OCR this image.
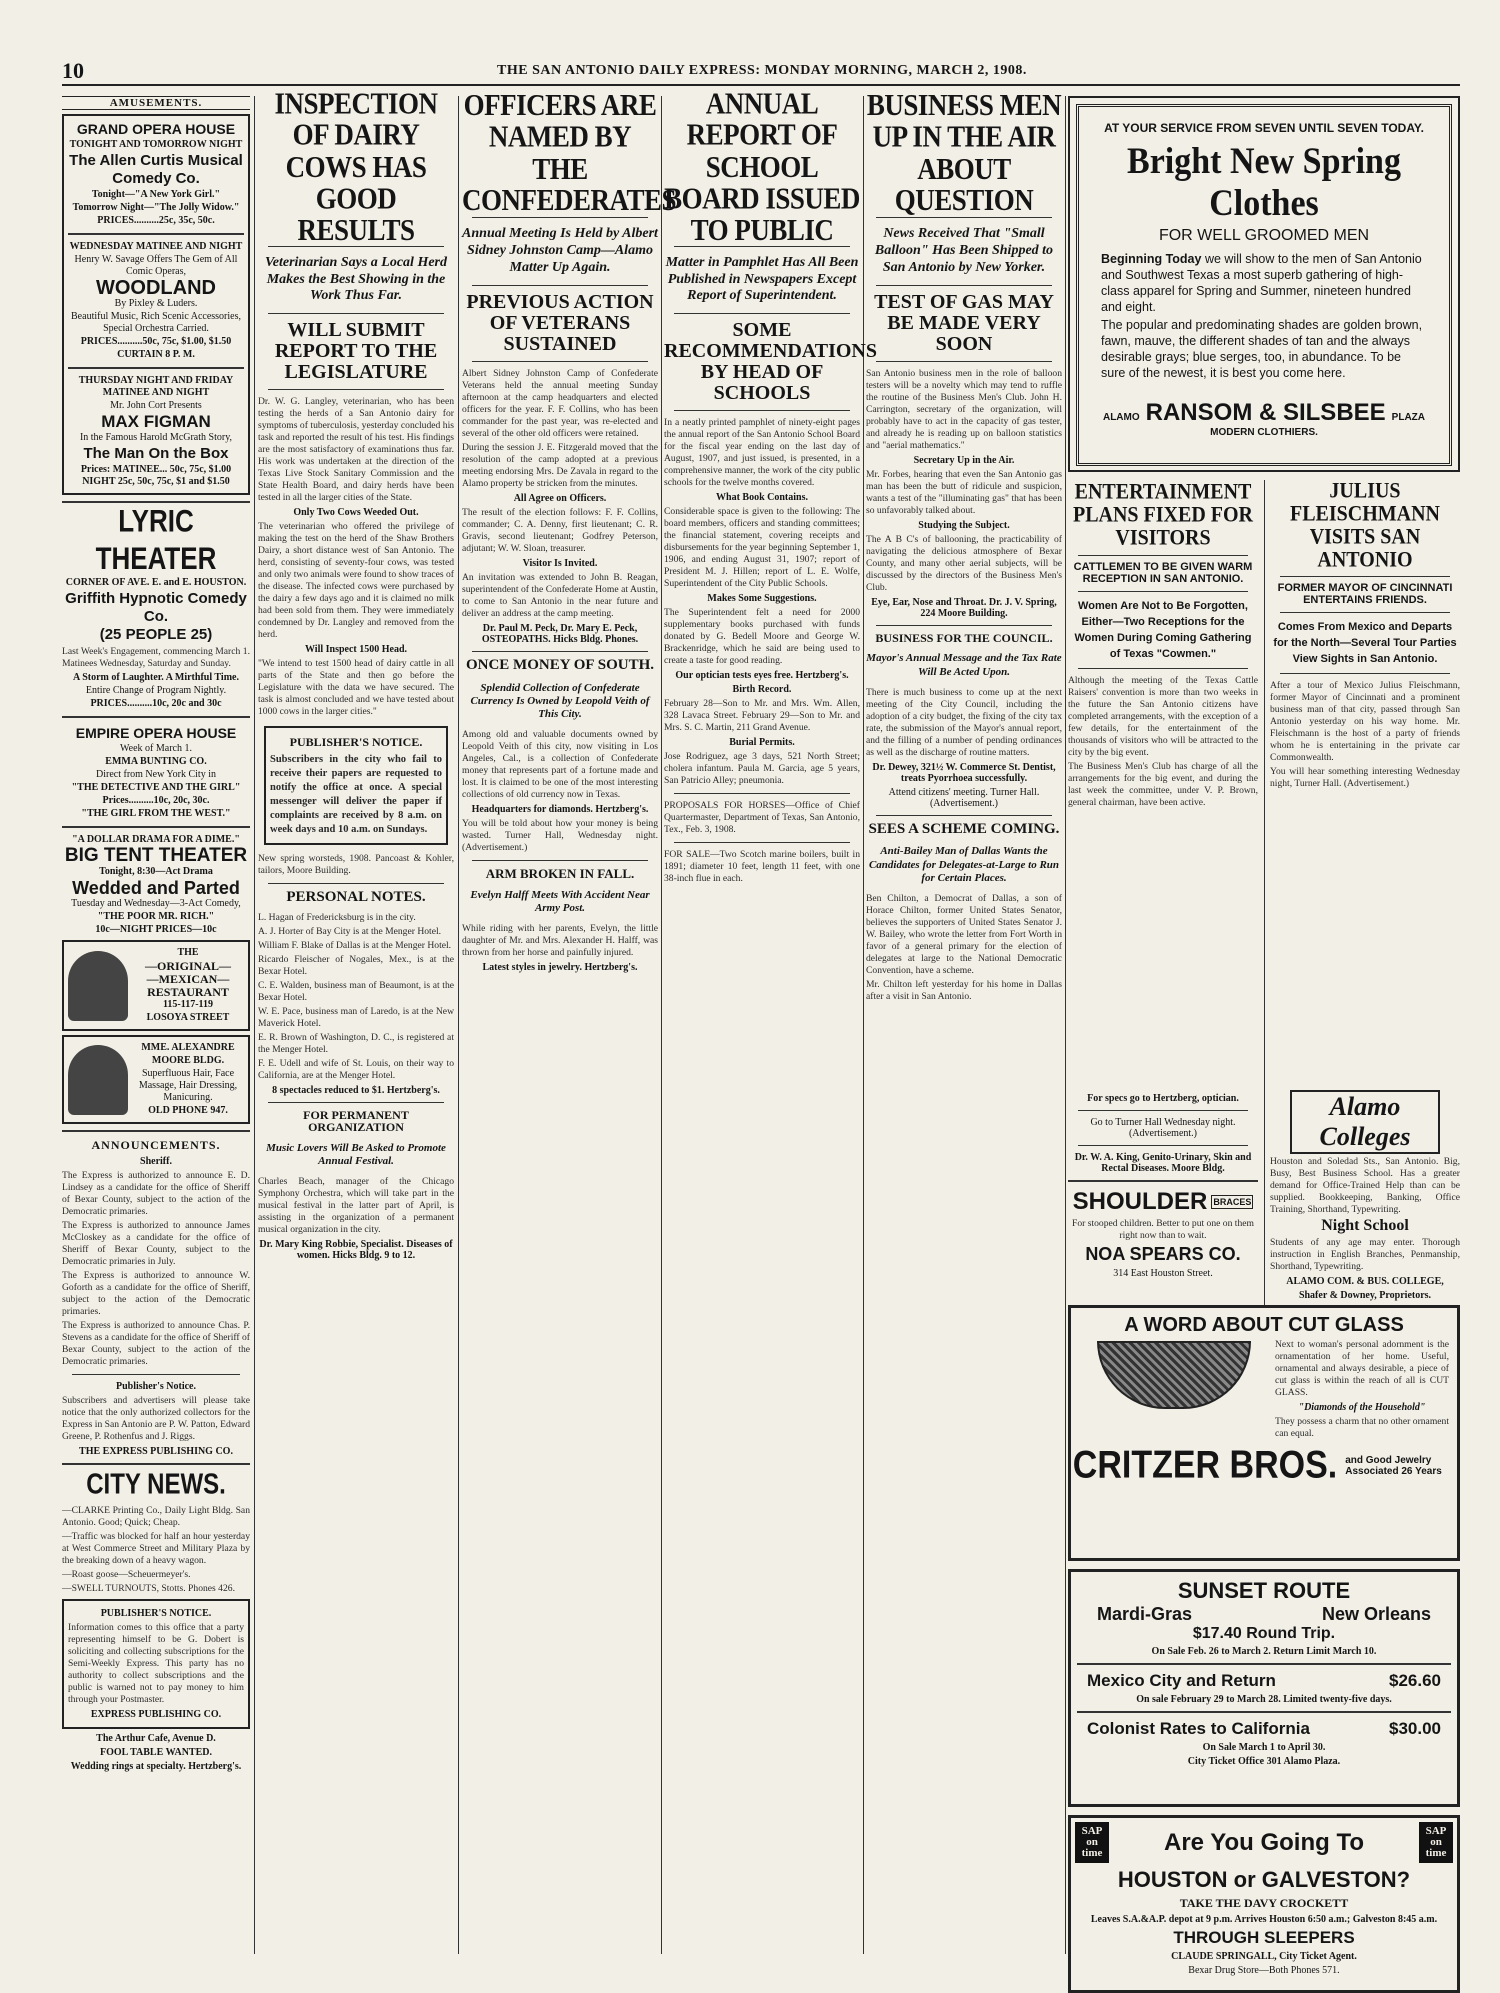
10	THE SAN ANTONIO DAILY EXPRESS: MONDAY MORNING, MARCH 2, 1908.
AMUSEMENTS.
GRAND OPERA HOUSE
TONIGHT AND TOMORROW NIGHT
The Allen Curtis Musical Comedy Co.
Tonight—"A New York Girl."
Tomorrow Night—"The Jolly Widow."
PRICES..........25c, 35c, 50c.
WEDNESDAY MATINEE AND NIGHT
Henry W. Savage Offers The Gem of All Comic Operas,
WOODLAND
By Pixley & Luders.
Beautiful Music, Rich Scenic Accessories, Special Orchestra Carried.
PRICES..........50c, 75c, $1.00, $1.50
CURTAIN 8 P. M.
THURSDAY NIGHT AND FRIDAY MATINEE AND NIGHT
Mr. John Cort Presents
MAX FIGMAN
In the Famous Harold McGrath Story,
The Man On the Box
Prices: MATINEE... 50c, 75c, $1.00 NIGHT 25c, 50c, 75c, $1 and $1.50
LYRIC THEATER
CORNER OF AVE. E. and E. HOUSTON.
Griffith Hypnotic Comedy Co.
(25 PEOPLE 25)
Last Week's Engagement, commencing March 1. Matinees Wednesday, Saturday and Sunday.
A Storm of Laughter. A Mirthful Time.
Entire Change of Program Nightly.
PRICES..........10c, 20c and 30c
EMPIRE OPERA HOUSE
Week of March 1.
EMMA BUNTING CO.
Direct from New York City in
"THE DETECTIVE AND THE GIRL"
Prices..........10c, 20c, 30c.
"THE GIRL FROM THE WEST."
"A DOLLAR DRAMA FOR A DIME."
BIG TENT THEATER
Tonight, 8:30—Act Drama
Wedded and Parted
Tuesday and Wednesday—3-Act Comedy,
"THE POOR MR. RICH."
10c—NIGHT PRICES—10c
THE
—ORIGINAL—
—MEXICAN—
RESTAURANT
115-117-119
LOSOYA STREET
MME. ALEXANDRE
MOORE BLDG.
Superfluous Hair, Face Massage, Hair Dressing, Manicuring.
OLD PHONE 947.
ANNOUNCEMENTS.
Sheriff.
The Express is authorized to announce E. D. Lindsey as a candidate for the office of Sheriff of Bexar County, subject to the action of the Democratic primaries.
The Express is authorized to announce James McCloskey as a candidate for the office of Sheriff of Bexar County, subject to the Democratic primaries in July.
The Express is authorized to announce W. Goforth as a candidate for the office of Sheriff, subject to the action of the Democratic primaries.
The Express is authorized to announce Chas. P. Stevens as a candidate for the office of Sheriff of Bexar County, subject to the action of the Democratic primaries.
Publisher's Notice.
Subscribers and advertisers will please take notice that the only authorized collectors for the Express in San Antonio are P. W. Patton, Edward Greene, P. Rothenfus and J. Riggs.
THE EXPRESS PUBLISHING CO.
CITY NEWS.
—CLARKE Printing Co., Daily Light Bldg. San Antonio. Good; Quick; Cheap.
—Traffic was blocked for half an hour yesterday at West Commerce Street and Military Plaza by the breaking down of a heavy wagon.
—Roast goose—Scheuermeyer's.
—SWELL TURNOUTS, Stotts. Phones 426.
PUBLISHER'S NOTICE.
Information comes to this office that a party representing himself to be G. Dobert is soliciting and collecting subscriptions for the Semi-Weekly Express. This party has no authority to collect subscriptions and the public is warned not to pay money to him through your Postmaster.
EXPRESS PUBLISHING CO.
The Arthur Cafe, Avenue D.
FOOL TABLE WANTED.
Wedding rings at specialty. Hertzberg's.
INSPECTION OF DAIRY COWS HAS GOOD RESULTS
Veterinarian Says a Local Herd Makes the Best Showing in the Work Thus Far.
WILL SUBMIT REPORT TO THE LEGISLATURE

Dr. W. G. Langley, veterinarian, who has been testing the herds of a San Antonio dairy for symptoms of tuberculosis, yesterday concluded his task and reported the result of his test. His findings are the most satisfactory of examinations thus far. His work was undertaken at the direction of the Texas Live Stock Sanitary Commission and the State Health Board, and dairy herds have been tested in all the larger cities of the State.

Only Two Cows Weeded Out.

The veterinarian who offered the privilege of making the test on the herd of the Shaw Brothers Dairy, a short distance west of San Antonio. The herd, consisting of seventy-four cows, was tested and only two animals were found to show traces of the disease. The infected cows were purchased by the dairy a few days ago and it is claimed no milk had been sold from them. They were immediately condemned by Dr. Langley and removed from the herd.

Will Inspect 1500 Head.

"We intend to test 1500 head of dairy cattle in all parts of the State and then go before the Legislature with the data we have secured. The task is almost concluded and we have tested about 1000 cows in the larger cities."

PUBLISHER'S NOTICE.
Subscribers in the city who fail to receive their papers are requested to notify the office at once. A special messenger will deliver the paper if complaints are received by 8 a.m. on week days and 10 a.m. on Sundays.

New spring worsteds, 1908. Pancoast & Kohler, tailors, Moore Building.

PERSONAL NOTES.

L. Hagan of Fredericksburg is in the city.

A. J. Horter of Bay City is at the Menger Hotel.

William F. Blake of Dallas is at the Menger Hotel.

Ricardo Fleischer of Nogales, Mex., is at the Bexar Hotel.

C. E. Walden, business man of Beaumont, is at the Bexar Hotel.

W. E. Pace, business man of Laredo, is at the New Maverick Hotel.

E. R. Brown of Washington, D. C., is registered at the Menger Hotel.

F. E. Udell and wife of St. Louis, on their way to California, are at the Menger Hotel.

8 spectacles reduced to $1. Hertzberg's.
FOR PERMANENT ORGANIZATION
Music Lovers Will Be Asked to Promote Annual Festival.

Charles Beach, manager of the Chicago Symphony Orchestra, which will take part in the musical festival in the latter part of April, is assisting in the organization of a permanent musical organization in the city.

Dr. Mary King Robbie, Specialist. Diseases of women. Hicks Bldg. 9 to 12.
OFFICERS ARE NAMED BY THE CONFEDERATES
Annual Meeting Is Held by Albert Sidney Johnston Camp—Alamo Matter Up Again.
PREVIOUS ACTION OF VETERANS SUSTAINED

Albert Sidney Johnston Camp of Confederate Veterans held the annual meeting Sunday afternoon at the camp headquarters and elected officers for the year. F. F. Collins, who has been commander for the past year, was re-elected and several of the other old officers were retained.

During the session J. E. Fitzgerald moved that the resolution of the camp adopted at a previous meeting endorsing Mrs. De Zavala in regard to the Alamo property be stricken from the minutes.

All Agree on Officers.

The result of the election follows: F. F. Collins, commander; C. A. Denny, first lieutenant; C. R. Gravis, second lieutenant; Godfrey Peterson, adjutant; W. W. Sloan, treasurer.

Visitor Is Invited.

An invitation was extended to John B. Reagan, superintendent of the Confederate Home at Austin, to come to San Antonio in the near future and deliver an address at the camp meeting.

Dr. Paul M. Peck, Dr. Mary E. Peck, OSTEOPATHS. Hicks Bldg. Phones.
ONCE MONEY OF SOUTH.
Splendid Collection of Confederate Currency Is Owned by Leopold Veith of This City.

Among old and valuable documents owned by Leopold Veith of this city, now visiting in Los Angeles, Cal., is a collection of Confederate money that represents part of a fortune made and lost. It is claimed to be one of the most interesting collections of old currency now in Texas.

Headquarters for diamonds. Hertzberg's.

You will be told about how your money is being wasted. Turner Hall, Wednesday night. (Advertisement.)

ARM BROKEN IN FALL.
Evelyn Halff Meets With Accident Near Army Post.

While riding with her parents, Evelyn, the little daughter of Mr. and Mrs. Alexander H. Halff, was thrown from her horse and painfully injured.

Latest styles in jewelry. Hertzberg's.
ANNUAL REPORT OF SCHOOL BOARD ISSUED TO PUBLIC
Matter in Pamphlet Has All Been Published in Newspapers Except Report of Superintendent.
SOME RECOMMENDATIONS BY HEAD OF SCHOOLS

In a neatly printed pamphlet of ninety-eight pages the annual report of the San Antonio School Board for the fiscal year ending on the last day of August, 1907, and just issued, is presented, in a comprehensive manner, the work of the city public schools for the twelve months covered.

What Book Contains.

Considerable space is given to the following: The board members, officers and standing committees; the financial statement, covering receipts and disbursements for the year beginning September 1, 1906, and ending August 31, 1907; report of President M. J. Hillen; report of L. E. Wolfe, Superintendent of the City Public Schools.

Makes Some Suggestions.

The Superintendent felt a need for 2000 supplementary books purchased with funds donated by G. Bedell Moore and George W. Brackenridge, which he said are being used to create a taste for good reading.

Our optician tests eyes free. Hertzberg's.
Birth Record.

February 28—Son to Mr. and Mrs. Wm. Allen, 328 Lavaca Street. February 29—Son to Mr. and Mrs. S. C. Martin, 211 Grand Avenue.

Burial Permits.

Jose Rodriguez, age 3 days, 521 North Street; cholera infantum. Paula M. Garcia, age 5 years, San Patricio Alley; pneumonia.

PROPOSALS FOR HORSES—Office of Chief Quartermaster, Department of Texas, San Antonio, Tex., Feb. 3, 1908.

FOR SALE—Two Scotch marine boilers, built in 1891; diameter 10 feet, length 11 feet, with one 38-inch flue in each.

BUSINESS MEN UP IN THE AIR ABOUT QUESTION
News Received That "Small Balloon" Has Been Shipped to San Antonio by New Yorker.
TEST OF GAS MAY BE MADE VERY SOON

San Antonio business men in the role of balloon testers will be a novelty which may tend to ruffle the routine of the Business Men's Club. John H. Carrington, secretary of the organization, will probably have to act in the capacity of gas tester, and already he is reading up on balloon statistics and "aerial mathematics."

Secretary Up in the Air.

Mr. Forbes, hearing that even the San Antonio gas man has been the butt of ridicule and suspicion, wants a test of the "illuminating gas" that has been so unfavorably talked about.

Studying the Subject.

The A B C's of ballooning, the practicability of navigating the delicious atmosphere of Bexar County, and many other aerial subjects, will be discussed by the directors of the Business Men's Club.

Eye, Ear, Nose and Throat. Dr. J. V. Spring, 224 Moore Building.
BUSINESS FOR THE COUNCIL.
Mayor's Annual Message and the Tax Rate Will Be Acted Upon.

There is much business to come up at the next meeting of the City Council, including the adoption of a city budget, the fixing of the city tax rate, the submission of the Mayor's annual report, and the filling of a number of pending ordinances as well as the discharge of routine matters.

Dr. Dewey, 321½ W. Commerce St. Dentist, treats Pyorrhoea successfully.
Attend citizens' meeting. Turner Hall. (Advertisement.)
SEES A SCHEME COMING.
Anti-Bailey Man of Dallas Wants the Candidates for Delegates-at-Large to Run for Certain Places.

Ben Chilton, a Democrat of Dallas, a son of Horace Chilton, former United States Senator, believes the supporters of United States Senator J. W. Bailey, who wrote the letter from Fort Worth in favor of a general primary for the election of delegates at large to the National Democratic Convention, have a scheme.

Mr. Chilton left yesterday for his home in Dallas after a visit in San Antonio.

AT YOUR SERVICE FROM SEVEN UNTIL SEVEN TODAY.
Bright New Spring Clothes
FOR WELL GROOMED MEN
Beginning Today we will show to the men of San Antonio and Southwest Texas a most superb gathering of high-class apparel for Spring and Summer, nineteen hundred and eight.
The popular and predominating shades are golden brown, fawn, mauve, the different shades of tan and the always desirable grays; blue serges, too, in abundance. To be sure of the newest, it is best you come here.
ALAMO RANSOM & SILSBEE PLAZA
MODERN CLOTHIERS.
ENTERTAINMENT PLANS FIXED FOR VISITORS
CATTLEMEN TO BE GIVEN WARM RECEPTION IN SAN ANTONIO.
Women Are Not to Be Forgotten, Either—Two Receptions for the Women During Coming Gathering of Texas "Cowmen."

Although the meeting of the Texas Cattle Raisers' convention is more than two weeks in the future the San Antonio citizens have completed arrangements, with the exception of a few details, for the entertainment of the thousands of visitors who will be attracted to the city by the big event.

The Business Men's Club has charge of all the arrangements for the big event, and during the last week the committee, under V. P. Brown, general chairman, have been active.

JULIUS FLEISCHMANN VISITS SAN ANTONIO
FORMER MAYOR OF CINCINNATI ENTERTAINS FRIENDS.
Comes From Mexico and Departs for the North—Several Tour Parties View Sights in San Antonio.

After a tour of Mexico Julius Fleischmann, former Mayor of Cincinnati and a prominent business man of that city, passed through San Antonio yesterday on his way home. Mr. Fleischmann is the host of a party of friends whom he is entertaining in the private car Commonwealth.

You will hear something interesting Wednesday night, Turner Hall. (Advertisement.)

For specs go to Hertzberg, optician.
Go to Turner Hall Wednesday night. (Advertisement.)
Dr. W. A. King, Genito-Urinary, Skin and Rectal Diseases. Moore Bldg.
SHOULDER BRACES

For stooped children. Better to put one on them right now than to wait.

NOA SPEARS CO.
314 East Houston Street.
Alamo Colleges

Houston and Soledad Sts., San Antonio. Big, Busy, Best Business School. Has a greater demand for Office-Trained Help than can be supplied. Bookkeeping, Banking, Office Training, Shorthand, Typewriting.

Night School

Students of any age may enter. Thorough instruction in English Branches, Penmanship, Shorthand, Typewriting.

ALAMO COM. & BUS. COLLEGE,
Shafer & Downey, Proprietors.
A WORD ABOUT CUT GLASS

Next to woman's personal adornment is the ornamentation of her home. Useful, ornamental and always desirable, a piece of cut glass is within the reach of all is CUT GLASS.

"Diamonds of the Household"

They possess a charm that no other ornament can equal.

CRITZER BROS. and Good Jewelry Associated 26 Years
SUNSET ROUTE
Mardi-Gras	New Orleans
$17.40 Round Trip.
On Sale Feb. 26 to March 2. Return Limit March 10.
Mexico City and Return	$26.60
On sale February 29 to March 28. Limited twenty-five days.
Colonist Rates to California	$30.00
On Sale March 1 to April 30.
City Ticket Office 301 Alamo Plaza.
SAP on time	Are You Going To	SAP on time
HOUSTON or GALVESTON?
TAKE THE DAVY CROCKETT
Leaves S.A.&A.P. depot at 9 p.m. Arrives Houston 6:50 a.m.; Galveston 8:45 a.m.
THROUGH SLEEPERS
CLAUDE SPRINGALL, City Ticket Agent.
Bexar Drug Store—Both Phones 571.
